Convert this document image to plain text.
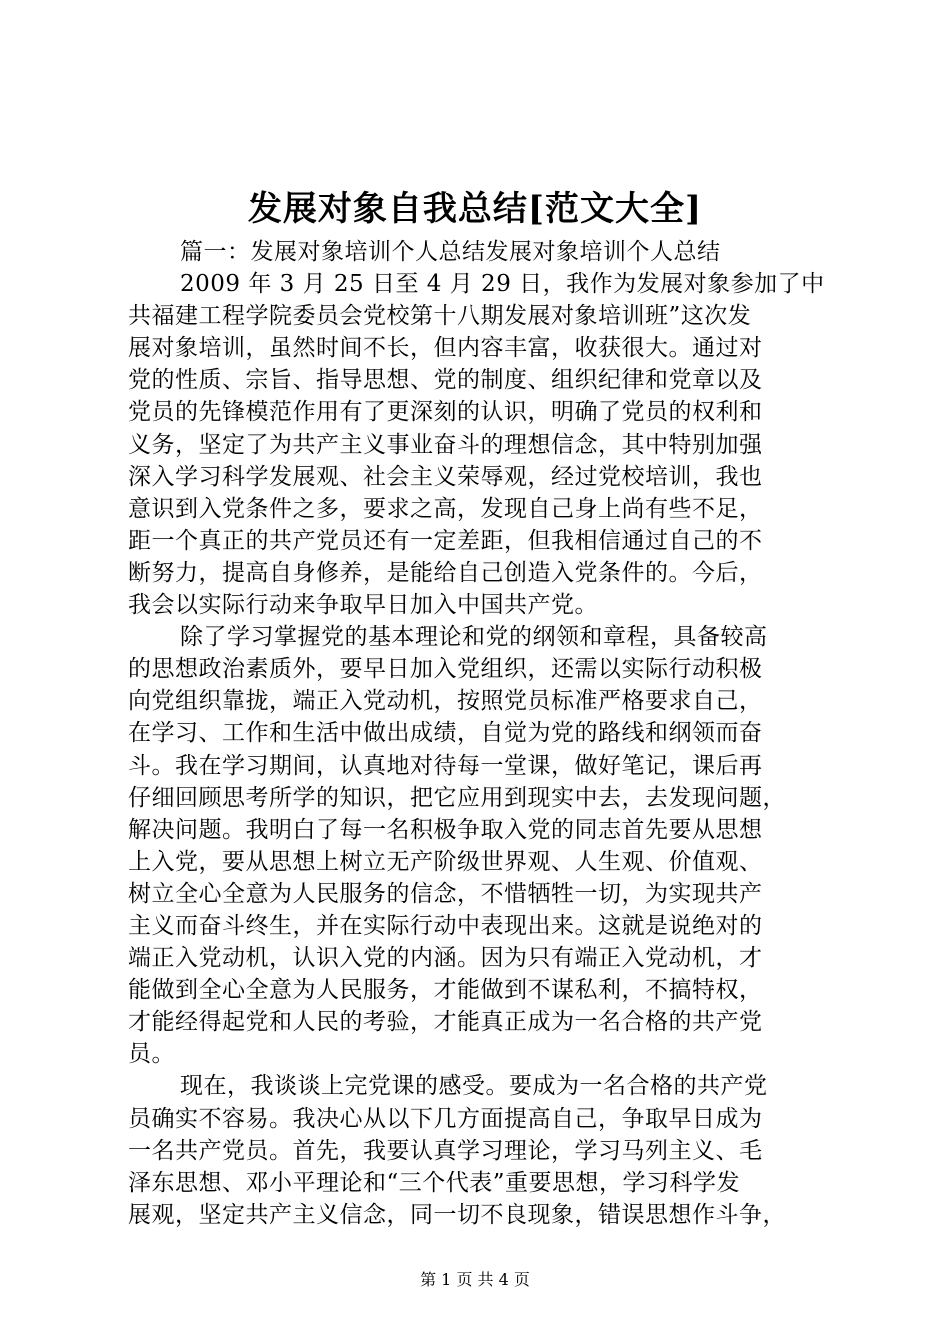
发展对象自我总结[范文大全]
篇一：发展对象培训个人总结发展对象培训个人总结
2009 年 3 月 25 日至 4 月 29 日，我作为发展对象参加了中
共福建工程学院委员会党校第十八期发展对象培训班”这次发
展对象培训，虽然时间不长，但内容丰富，收获很大。通过对
党的性质、宗旨、指导思想、党的制度、组织纪律和党章以及
党员的先锋模范作用有了更深刻的认识，明确了党员的权利和
义务，坚定了为共产主义事业奋斗的理想信念，其中特别加强
深入学习科学发展观、社会主义荣辱观，经过党校培训，我也
意识到入党条件之多，要求之高，发现自己身上尚有些不足，
距一个真正的共产党员还有一定差距，但我相信通过自己的不
断努力，提高自身修养，是能给自己创造入党条件的。今后，
我会以实际行动来争取早日加入中国共产党。
除了学习掌握党的基本理论和党的纲领和章程，具备较高
的思想政治素质外，要早日加入党组织，还需以实际行动积极
向党组织靠拢，端正入党动机，按照党员标准严格要求自己，
在学习、工作和生活中做出成绩，自觉为党的路线和纲领而奋
斗。我在学习期间，认真地对待每一堂课，做好笔记，课后再
仔细回顾思考所学的知识，把它应用到现实中去，去发现问题，
解决问题。我明白了每一名积极争取入党的同志首先要从思想
上入党，要从思想上树立无产阶级世界观、人生观、价值观、
树立全心全意为人民服务的信念，不惜牺牲一切，为实现共产
主义而奋斗终生，并在实际行动中表现出来。这就是说绝对的
端正入党动机，认识入党的内涵。因为只有端正入党动机，才
能做到全心全意为人民服务，才能做到不谋私利，不搞特权，
才能经得起党和人民的考验，才能真正成为一名合格的共产党
员。
现在，我谈谈上完党课的感受。要成为一名合格的共产党
员确实不容易。我决心从以下几方面提高自己，争取早日成为
一名共产党员。首先，我要认真学习理论，学习马列主义、毛
泽东思想、邓小平理论和“三个代表”重要思想，学习科学发
展观，坚定共产主义信念，同一切不良现象，错误思想作斗争，
第 1 页 共 4 页
